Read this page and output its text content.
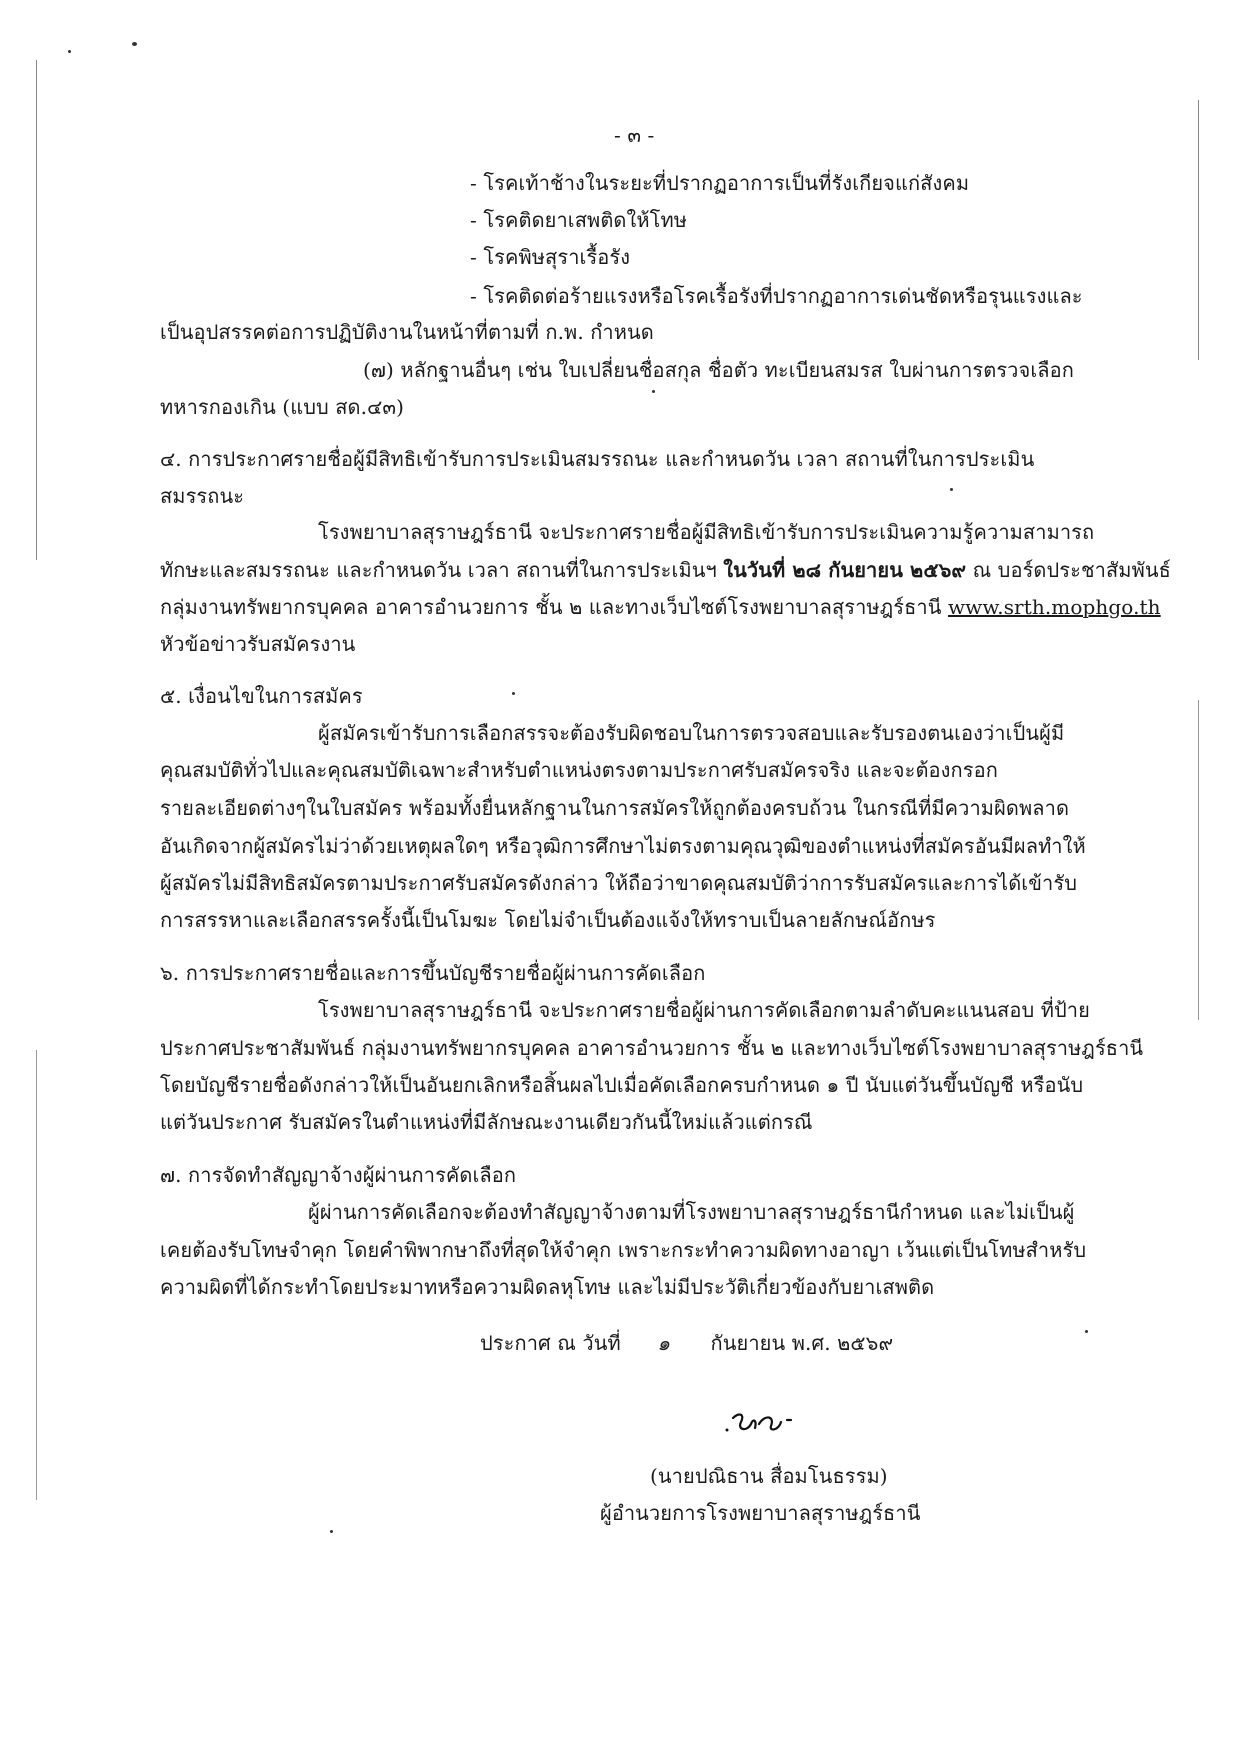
- ๓ -
- โรคเท้าช้างในระยะที่ปรากฏอาการเป็นที่รังเกียจแก่สังคม
- โรคติดยาเสพติดให้โทษ
- โรคพิษสุราเรื้อรัง
- โรคติดต่อร้ายแรงหรือโรคเรื้อรังที่ปรากฏอาการเด่นชัดหรือรุนแรงและ
เป็นอุปสรรคต่อการปฏิบัติงานในหน้าที่ตามที่ ก.พ. กำหนด
(๗) หลักฐานอื่นๆ เช่น ใบเปลี่ยนชื่อสกุล ชื่อตัว ทะเบียนสมรส ใบผ่านการตรวจเลือก
ทหารกองเกิน (แบบ สด.๔๓)
๔. การประกาศรายชื่อผู้มีสิทธิเข้ารับการประเมินสมรรถนะ และกำหนดวัน เวลา สถานที่ในการประเมิน
สมรรถนะ
โรงพยาบาลสุราษฎร์ธานี จะประกาศรายชื่อผู้มีสิทธิเข้ารับการประเมินความรู้ความสามารถ
ทักษะและสมรรถนะ และกำหนดวัน เวลา สถานที่ในการประเมินฯ ในวันที่ ๒๘ กันยายน ๒๕๖๙ ณ บอร์ดประชาสัมพันธ์
กลุ่มงานทรัพยากรบุคคล อาคารอำนวยการ ชั้น ๒ และทางเว็บไซต์โรงพยาบาลสุราษฎร์ธานี www.srth.mophgo.th
หัวข้อข่าวรับสมัครงาน
๕. เงื่อนไขในการสมัคร
ผู้สมัครเข้ารับการเลือกสรรจะต้องรับผิดชอบในการตรวจสอบและรับรองตนเองว่าเป็นผู้มี
คุณสมบัติทั่วไปและคุณสมบัติเฉพาะสำหรับตำแหน่งตรงตามประกาศรับสมัครจริง และจะต้องกรอก
รายละเอียดต่างๆในใบสมัคร พร้อมทั้งยื่นหลักฐานในการสมัครให้ถูกต้องครบถ้วน ในกรณีที่มีความผิดพลาด
อันเกิดจากผู้สมัครไม่ว่าด้วยเหตุผลใดๆ หรือวุฒิการศึกษาไม่ตรงตามคุณวุฒิของตำแหน่งที่สมัครอันมีผลทำให้
ผู้สมัครไม่มีสิทธิสมัครตามประกาศรับสมัครดังกล่าว ให้ถือว่าขาดคุณสมบัติว่าการรับสมัครและการได้เข้ารับ
การสรรหาและเลือกสรรครั้งนี้เป็นโมฆะ โดยไม่จำเป็นต้องแจ้งให้ทราบเป็นลายลักษณ์อักษร
๖. การประกาศรายชื่อและการขึ้นบัญชีรายชื่อผู้ผ่านการคัดเลือก
โรงพยาบาลสุราษฎร์ธานี จะประกาศรายชื่อผู้ผ่านการคัดเลือกตามลำดับคะแนนสอบ ที่ป้าย
ประกาศประชาสัมพันธ์ กลุ่มงานทรัพยากรบุคคล อาคารอำนวยการ ชั้น ๒ และทางเว็บไซต์โรงพยาบาลสุราษฎร์ธานี
โดยบัญชีรายชื่อดังกล่าวให้เป็นอันยกเลิกหรือสิ้นผลไปเมื่อคัดเลือกครบกำหนด ๑ ปี นับแต่วันขึ้นบัญชี หรือนับ
แต่วันประกาศ รับสมัครในตำแหน่งที่มีลักษณะงานเดียวกันนี้ใหม่แล้วแต่กรณี
๗. การจัดทำสัญญาจ้างผู้ผ่านการคัดเลือก
ผู้ผ่านการคัดเลือกจะต้องทำสัญญาจ้างตามที่โรงพยาบาลสุราษฎร์ธานีกำหนด และไม่เป็นผู้
เคยต้องรับโทษจำคุก โดยคำพิพากษาถึงที่สุดให้จำคุก เพราะกระทำความผิดทางอาญา เว้นแต่เป็นโทษสำหรับ
ความผิดที่ได้กระทำโดยประมาทหรือความผิดลหุโทษ และไม่มีประวัติเกี่ยวข้องกับยาเสพติด
ประกาศ ณ วันที่ ๑ กันยายน พ.ศ. ๒๕๖๙
(นายปณิธาน สื่อมโนธรรม)
ผู้อำนวยการโรงพยาบาลสุราษฎร์ธานี
